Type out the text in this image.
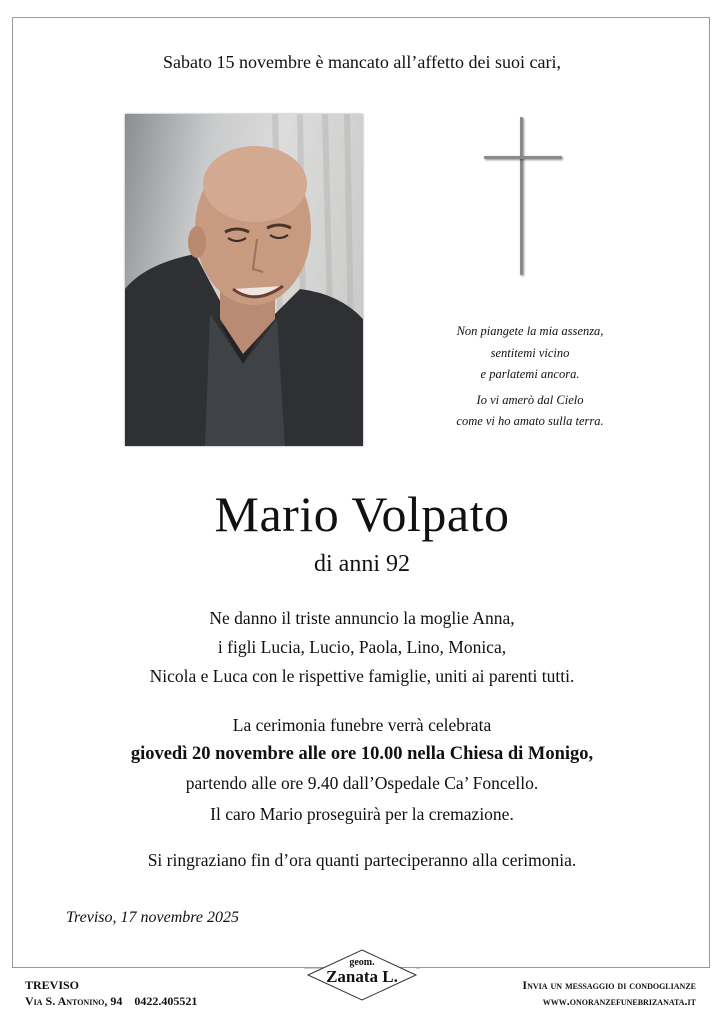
Sabato 15 novembre è mancato all’affetto dei suoi cari,
Non piangete la mia assenza,
sentitemi vicino
e parlatemi ancora.
Io vi amerò dal Cielo
come vi ho amato sulla terra.
Mario Volpato
di anni 92
Ne danno il triste annuncio la moglie Anna,
i figli Lucia, Lucio, Paola, Lino, Monica,
Nicola e Luca con le rispettive famiglie, uniti ai parenti tutti.
La cerimonia funebre verrà celebrata
giovedì 20 novembre alle ore 10.00 nella Chiesa di Monigo,
partendo alle ore 9.40 dall’Ospedale Ca’ Foncello.
Il caro Mario proseguirà per la cremazione.
Si ringraziano fin d’ora quanti parteciperanno alla cerimonia.
Treviso, 17 novembre 2025
TREVISO
Via S. Antonino, 94 0422.405521
geom.
Zanata L.	Invia un messaggio di condoglianze
www.onoranzefunebrizanata.it
